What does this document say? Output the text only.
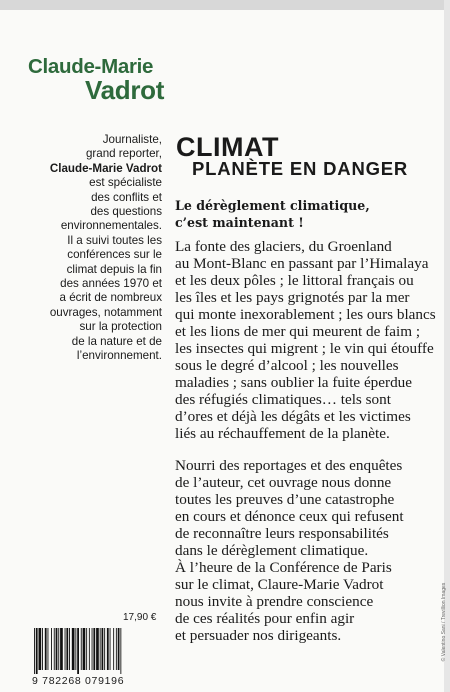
Claude-Marie
Vadrot

Journaliste,

grand reporter,

Claude-Marie Vadrot

est spécialiste

des conflits et

des questions

environnementales.

Il a suivi toutes les

conférences sur le

climat depuis la fin

des années 1970 et

a écrit de nombreux

ouvrages, notamment

sur la protection

de la nature et de

l’environnement.

CLIMAT
PLANÈTE EN DANGER

Le dérèglement climatique,

c’est maintenant !

La fonte des glaciers, du Groenland

au Mont-Blanc en passant par l’Himalaya

et les deux pôles ; le littoral français ou

les îles et les pays grignotés par la mer

qui monte inexorablement ; les ours blancs

et les lions de mer qui meurent de faim ;

les insectes qui migrent ; le vin qui étouffe

sous le degré d’alcool ; les nouvelles

maladies ; sans oublier la fuite éperdue

des réfugiés climatiques… tels sont

d’ores et déjà les dégâts et les victimes

liés au réchauffement de la planète.

Nourri des reportages et des enquêtes

de l’auteur, cet ouvrage nous donne

toutes les preuves d’une catastrophe

en cours et dénonce ceux qui refusent

de reconnaître leurs responsabilités

dans le dérèglement climatique.

À l’heure de la Conférence de Paris

sur le climat, Claure-Marie Vadrot

nous invite à prendre conscience

de ces réalités pour enfin agir

et persuader nos dirigeants.

17,90 €
9 782268 079196
© Valentino Sani / Trevillion Images
